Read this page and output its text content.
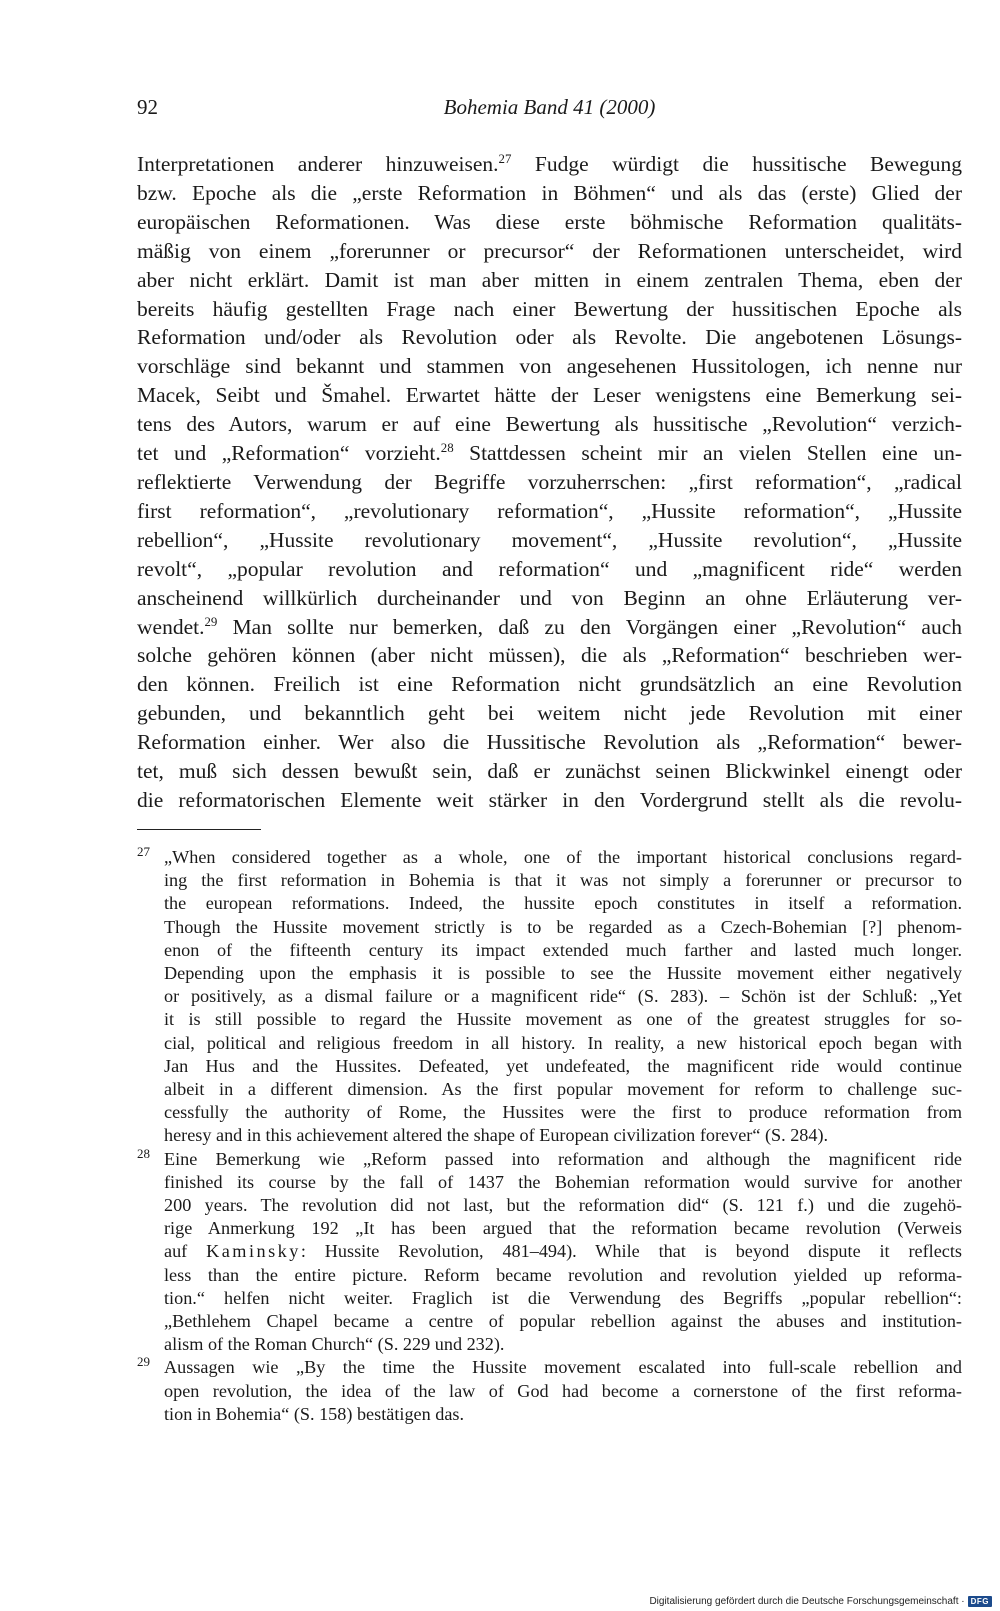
92	Bohemia Band 41 (2000)
Interpretationen anderer hinzuweisen.$^{27}$ Fudge würdigt die hussitische Bewegung
bzw. Epoche als die „erste Reformation in Böhmen“ und als das (erste) Glied der
europäischen Reformationen. Was diese erste böhmische Reformation qualitäts-
mäßig von einem „forerunner or precursor“ der Reformationen unterscheidet, wird
aber nicht erklärt. Damit ist man aber mitten in einem zentralen Thema, eben der
bereits häufig gestellten Frage nach einer Bewertung der hussitischen Epoche als
Reformation und/oder als Revolution oder als Revolte. Die angebotenen Lösungs-
vorschläge sind bekannt und stammen von angesehenen Hussitologen, ich nenne nur
Macek, Seibt und Šmahel. Erwartet hätte der Leser wenigstens eine Bemerkung sei-
tens des Autors, warum er auf eine Bewertung als hussitische „Revolution“ verzich-
tet und „Reformation“ vorzieht.$^{28}$ Stattdessen scheint mir an vielen Stellen eine un-
reflektierte Verwendung der Begriffe vorzuherrschen: „first reformation“, „radical
first reformation“, „revolutionary reformation“, „Hussite reformation“, „Hussite
rebellion“, „Hussite revolutionary movement“, „Hussite revolution“, „Hussite
revolt“, „popular revolution and reformation“ und „magnificent ride“ werden
anscheinend willkürlich durcheinander und von Beginn an ohne Erläuterung ver-
wendet.$^{29}$ Man sollte nur bemerken, daß zu den Vorgängen einer „Revolution“ auch
solche gehören können (aber nicht müssen), die als „Reformation“ beschrieben wer-
den können. Freilich ist eine Reformation nicht grundsätzlich an eine Revolution
gebunden, und bekanntlich geht bei weitem nicht jede Revolution mit einer
Reformation einher. Wer also die Hussitische Revolution als „Reformation“ bewer-
tet, muß sich dessen bewußt sein, daß er zunächst seinen Blickwinkel einengt oder
die reformatorischen Elemente weit stärker in den Vordergrund stellt als die revolu-
27 „When considered together as a whole, one of the important historical conclusions regard-
ing the first reformation in Bohemia is that it was not simply a forerunner or precursor to
the european reformations. Indeed, the hussite epoch constitutes in itself a reformation.
Though the Hussite movement strictly is to be regarded as a Czech-Bohemian [?] phenom-
enon of the fifteenth century its impact extended much farther and lasted much longer.
Depending upon the emphasis it is possible to see the Hussite movement either negatively
or positively, as a dismal failure or a magnificent ride“ (S. 283). – Schön ist der Schluß: „Yet
it is still possible to regard the Hussite movement as one of the greatest struggles for so-
cial, political and religious freedom in all history. In reality, a new historical epoch began with
Jan Hus and the Hussites. Defeated, yet undefeated, the magnificent ride would continue
albeit in a different dimension. As the first popular movement for reform to challenge suc-
cessfully the authority of Rome, the Hussites were the first to produce reformation from
heresy and in this achievement altered the shape of European civilization forever“ (S. 284).
28 Eine Bemerkung wie „Reform passed into reformation and although the magnificent ride
finished its course by the fall of 1437 the Bohemian reformation would survive for another
200 years. The revolution did not last, but the reformation did“ (S. 121 f.) und die zugehö-
rige Anmerkung 192 „It has been argued that the reformation became revolution (Verweis
auf Kaminsky: Hussite Revolution, 481–494). While that is beyond dispute it reflects
less than the entire picture. Reform became revolution and revolution yielded up reforma-
tion.“ helfen nicht weiter. Fraglich ist die Verwendung des Begriffs „popular rebellion“:
„Bethlehem Chapel became a centre of popular rebellion against the abuses and institution-
alism of the Roman Church“ (S. 229 und 232).
29 Aussagen wie „By the time the Hussite movement escalated into full-scale rebellion and
open revolution, the idea of the law of God had become a cornerstone of the first reforma-
tion in Bohemia“ (S. 158) bestätigen das.
Digitalisierung gefördert durch die Deutsche Forschungsgemeinschaft · DFG
